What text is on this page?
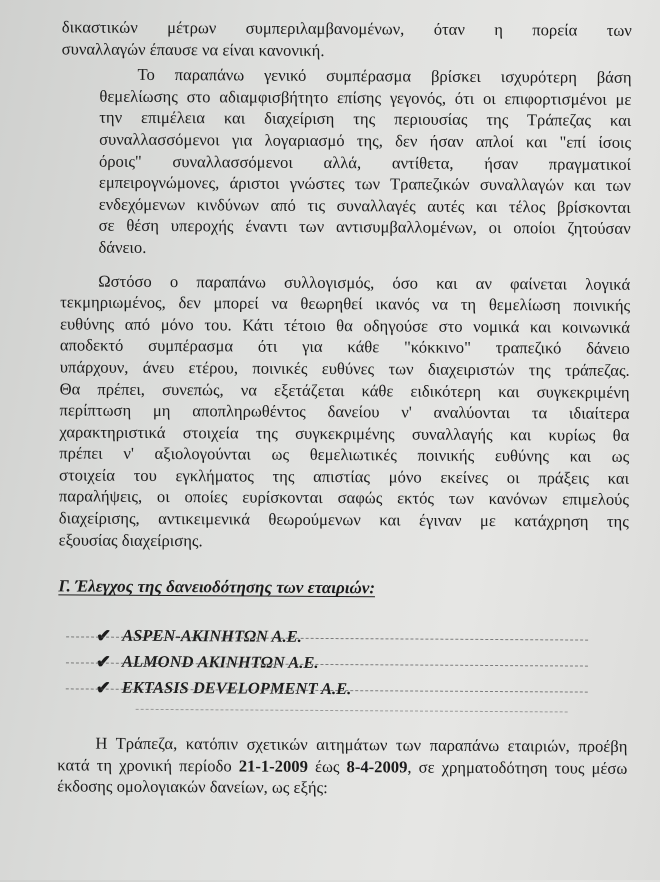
δικαστικών μέτρων συμπεριλαμβανομένων, όταν η πορεία των
συναλλαγών έπαυσε να είναι κανονική.
Το παραπάνω γενικό συμπέρασμα βρίσκει ισχυρότερη βάση
θεμελίωσης στο αδιαμφισβήτητο επίσης γεγονός, ότι οι επιφορτισμένοι με
την επιμέλεια και διαχείριση της περιουσίας της Τράπεζας και
συναλλασσόμενοι για λογαριασμό της, δεν ήσαν απλοί και "επί ίσοις
όροις" συναλλασσόμενοι αλλά, αντίθετα, ήσαν πραγματικοί
εμπειρογνώμονες, άριστοι γνώστες των Τραπεζικών συναλλαγών και των
ενδεχόμενων κινδύνων από τις συναλλαγές αυτές και τέλος βρίσκονται
σε θέση υπεροχής έναντι των αντισυμβαλλομένων, οι οποίοι ζητούσαν
δάνειο.
Ωστόσο ο παραπάνω συλλογισμός, όσο και αν φαίνεται λογικά
τεκμηριωμένος, δεν μπορεί να θεωρηθεί ικανός να τη θεμελίωση ποινικής
ευθύνης από μόνο του. Κάτι τέτοιο θα οδηγούσε στο νομικά και κοινωνικά
αποδεκτό συμπέρασμα ότι για κάθε "κόκκινο" τραπεζικό δάνειο
υπάρχουν, άνευ ετέρου, ποινικές ευθύνες των διαχειριστών της τράπεζας.
Θα πρέπει, συνεπώς, να εξετάζεται κάθε ειδικότερη και συγκεκριμένη
περίπτωση μη αποπληρωθέντος δανείου ν' αναλύονται τα ιδιαίτερα
χαρακτηριστικά στοιχεία της συγκεκριμένης συναλλαγής και κυρίως θα
πρέπει ν' αξιολογούνται ως θεμελιωτικές ποινικής ευθύνης και ως
στοιχεία του εγκλήματος της απιστίας μόνο εκείνες οι πράξεις και
παραλήψεις, οι οποίες ευρίσκονται σαφώς εκτός των κανόνων επιμελούς
διαχείρισης, αντικειμενικά θεωρούμενων και έγιναν με κατάχρηση της
εξουσίας διαχείρισης.
Γ. Έλεγχος της δανειοδότησης των εταιριών:
✔ ASPEN-ΑΚΙΝΗΤΩΝ Α.Ε.
✔ ALMOND ΑΚΙΝΗΤΩΝ Α.Ε.
✔ EKTASIS DEVELOPMENT A.E.
Η Τράπεζα, κατόπιν σχετικών αιτημάτων των παραπάνω εταιριών, προέβη κατά τη χρονική περίοδο 21-1-2009 έως 8-4-2009, σε χρηματοδότηση τους μέσω έκδοσης ομολογιακών δανείων, ως εξής:
